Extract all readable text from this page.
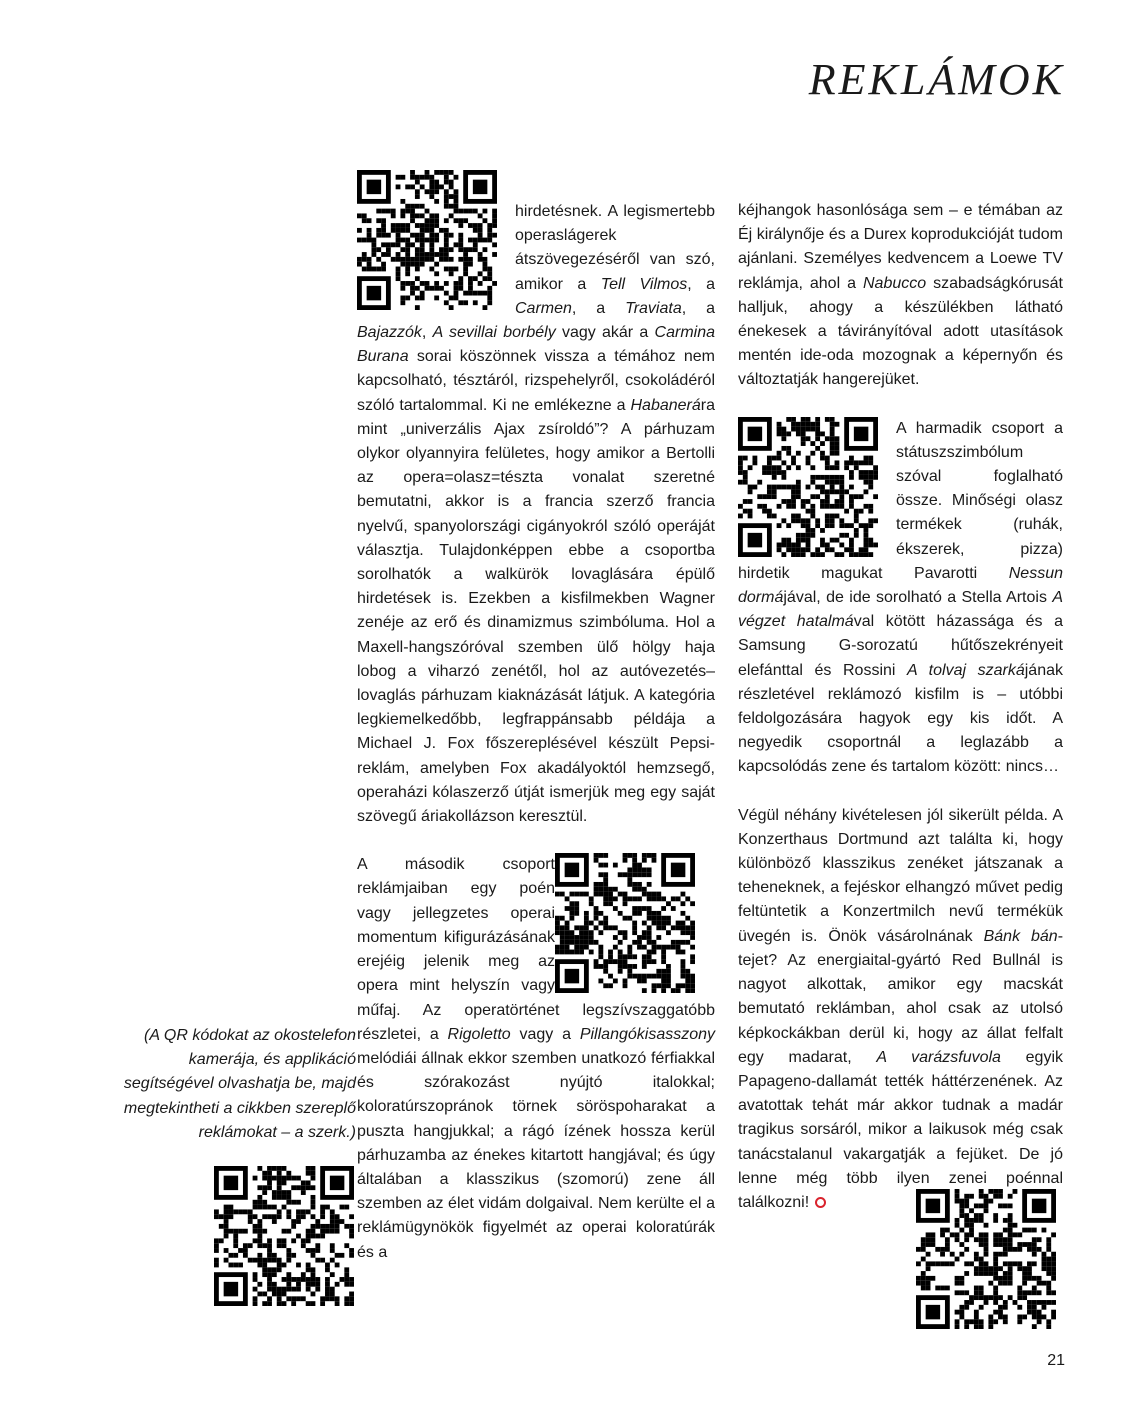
REKLÁMOK

hirdetésnek. A legismertebb operaslágerek átszövegezéséről van szó, amikor a Tell Vilmos, a Carmen, a Traviata, a Bajazzók, A sevillai borbély vagy akár a Carmina Burana sorai köszönnek vissza a témához nem kapcsolható, tésztáról, rizspehelyről, csokoládéról szóló tartalommal. Ki ne emlékezne a Habanerára mint „univerzális Ajax zsíroldó”? A párhuzam olykor olyannyira felületes, hogy amikor a Bertolli az opera=olasz=tészta vonalat szeretné bemutatni, akkor is a francia szerző francia nyelvű, spanyolországi cigányokról szóló operáját választja. Tulajdonképpen ebbe a csoportba sorolhatók a walkürök lovaglására épülő hirdetések is. Ezekben a kisfilmekben Wagner zenéje az erő és dinamizmus szimbóluma. Hol a Maxell-hangszóróval szemben ülő hölgy haja lobog a viharzó zenétől, hol az autóvezetés–lovaglás párhuzam kiaknázását látjuk. A kategória legkiemelkedőbb, legfrappánsabb példája a Michael J. Fox főszereplésével készült Pepsi-reklám, amelyben Fox akadályoktól hemzsegő, operaházi kólaszerző útját ismerjük meg egy saját szövegű áriakollázson keresztül.

A második csoport reklámjaiban egy poén vagy jellegzetes operai momentum kifigurázásának erejéig jelenik meg az opera mint helyszín vagy műfaj. Az operatörténet legszívszaggatóbb részletei, a Rigoletto vagy a Pillangókisasszony melódiái állnak ekkor szemben unatkozó férfiakkal és szórakozást nyújtó italokkal; koloratúrszopránok törnek söröspoharakat a puszta hangjukkal; a rágó ízének hossza kerül párhuzamba az énekes kitartott hangjával; és úgy általában a klasszikus (szomorú) zene áll szemben az élet vidám dolgaival. Nem kerülte el a reklámügynökök figyelmét az operai koloratúrák és a

kéjhangok hasonlósága sem – e témában az Éj királynője és a Durex koprodukcióját tudom ajánlani. Személyes kedvencem a Loewe TV reklámja, ahol a Nabucco szabadságkórusát halljuk, ahogy a készülékben látható énekesek a távirányítóval adott utasítások mentén ide-oda mozognak a képernyőn és változtatják hangerejüket.

A harmadik csoport a státuszszimbólum szóval foglalható össze. Minőségi olasz termékek (ruhák, ékszerek, pizza) hirdetik magukat Pavarotti Nessun dormájával, de ide sorolható a Stella Artois A végzet hatalmával kötött házassága és a Samsung G-sorozatú hűtőszekrényeit elefánttal és Rossini A tolvaj szarkájának részletével reklámozó kisfilm is – utóbbi feldolgozására hagyok egy kis időt. A negyedik csoportnál a leglazább a kapcsolódás zene és tartalom között: nincs…

Végül néhány kivételesen jól sikerült példa. A Konzerthaus Dortmund azt találta ki, hogy különböző klasszikus zenéket játszanak a teheneknek, a fejéskor elhangzó művet pedig feltüntetik a Konzertmilch nevű termékük üvegén is. Önök vásárolnának Bánk bán-tejet? Az energiaital-gyártó Red Bullnál is nagyot alkottak, amikor egy macskát bemutató reklámban, ahol csak az utolsó képkockákban derül ki, hogy az állat felfalt egy madarat, A varázsfuvola egyik Papageno-dallamát tették háttérzenének. Az avatottak tehát már akkor tudnak a madár tragikus sorsáról, mikor a laikusok még csak tanácstalanul vakargatják a fejüket. De jó lenne még több ilyen zenei poénnal találkozni!

(A QR kódokat az okostelefon kamerája, és applikáció segítségével olvashatja be, majd megtekintheti a cikkben szereplő reklámokat – a szerk.)

21
